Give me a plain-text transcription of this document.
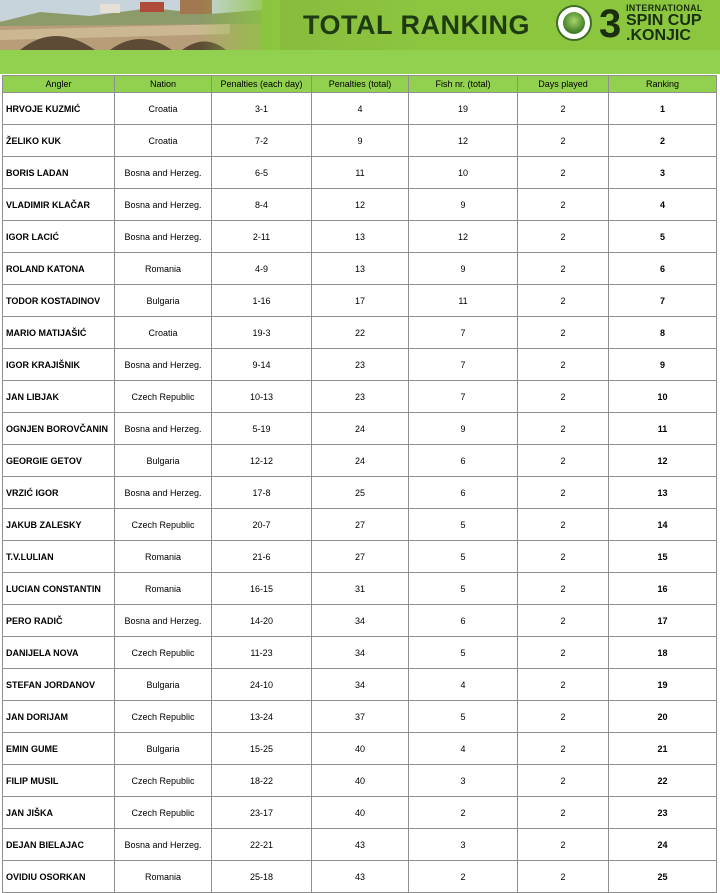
TOTAL RANKING 3 INTERNATIONAL
SPIN CUP
.KONJIC
Angler	Nation	Penalties (each day)	Penalties (total)	Fish nr. (total)	Days played	Ranking
HRVOJE KUZMIĆ	Croatia	3-1	4	19	2	1
ŽELIKO KUK	Croatia	7-2	9	12	2	2
BORIS LADAN	Bosna and Herzeg.	6-5	11	10	2	3
VLADIMIR KLAČAR	Bosna and Herzeg.	8-4	12	9	2	4
IGOR LACIĆ	Bosna and Herzeg.	2-11	13	12	2	5
ROLAND KATONA	Romania	4-9	13	9	2	6
TODOR KOSTADINOV	Bulgaria	1-16	17	11	2	7
MARIO MATIJAŠIĆ	Croatia	19-3	22	7	2	8
IGOR KRAJIŠNIK	Bosna and Herzeg.	9-14	23	7	2	9
JAN LIBJAK	Czech Republic	10-13	23	7	2	10
OGNJEN BOROVČANIN	Bosna and Herzeg.	5-19	24	9	2	11
GEORGIE GETOV	Bulgaria	12-12	24	6	2	12
VRZIĆ IGOR	Bosna and Herzeg.	17-8	25	6	2	13
JAKUB ZALESKY	Czech Republic	20-7	27	5	2	14
T.V.LULIAN	Romania	21-6	27	5	2	15
LUCIAN CONSTANTIN	Romania	16-15	31	5	2	16
PERO RADIČ	Bosna and Herzeg.	14-20	34	6	2	17
DANIJELA NOVA	Czech Republic	11-23	34	5	2	18
STEFAN JORDANOV	Bulgaria	24-10	34	4	2	19
JAN DORIJAM	Czech Republic	13-24	37	5	2	20
EMIN GUME	Bulgaria	15-25	40	4	2	21
FILIP MUSIL	Czech Republic	18-22	40	3	2	22
JAN JIŠKA	Czech Republic	23-17	40	2	2	23
DEJAN BIELAJAC	Bosna and Herzeg.	22-21	43	3	2	24
OVIDIU OSORKAN	Romania	25-18	43	2	2	25
